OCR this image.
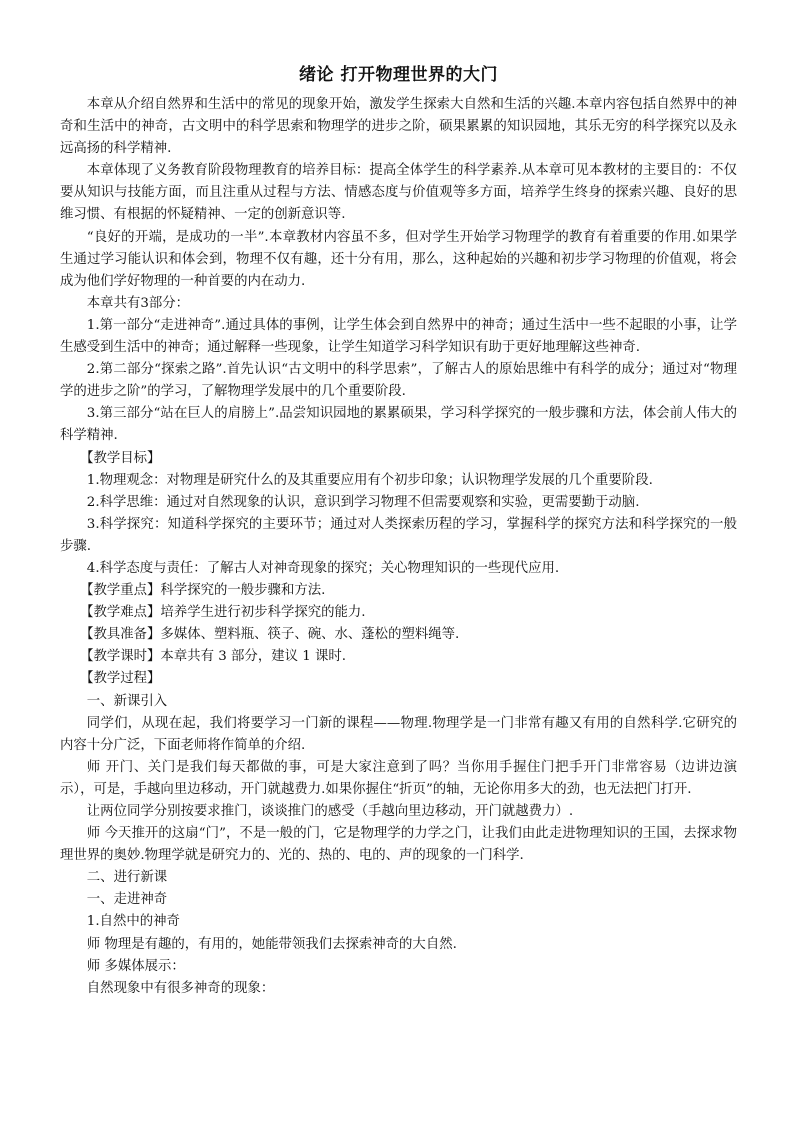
绪论 打开物理世界的大门

本章从介绍自然界和生活中的常见的现象开始，激发学生探索大自然和生活的兴趣.本章内容包括自然界中的神奇和生活中的神奇，古文明中的科学思索和物理学的进步之阶，硕果累累的知识园地，其乐无穷的科学探究以及永远高扬的科学精神.

本章体现了义务教育阶段物理教育的培养目标：提高全体学生的科学素养.从本章可见本教材的主要目的：不仅要从知识与技能方面，而且注重从过程与方法、情感态度与价值观等多方面，培养学生终身的探索兴趣、良好的思维习惯、有根据的怀疑精神、一定的创新意识等.

“良好的开端，是成功的一半”.本章教材内容虽不多，但对学生开始学习物理学的教育有着重要的作用.如果学生通过学习能认识和体会到，物理不仅有趣，还十分有用，那么，这种起始的兴趣和初步学习物理的价值观，将会成为他们学好物理的一种首要的内在动力.

本章共有3部分：

1.第一部分“走进神奇”.通过具体的事例，让学生体会到自然界中的神奇；通过生活中一些不起眼的小事，让学生感受到生活中的神奇；通过解释一些现象，让学生知道学习科学知识有助于更好地理解这些神奇.

2.第二部分“探索之路”.首先认识“古文明中的科学思索”，了解古人的原始思维中有科学的成分；通过对“物理学的进步之阶”的学习，了解物理学发展中的几个重要阶段.

3.第三部分“站在巨人的肩膀上”.品尝知识园地的累累硕果，学习科学探究的一般步骤和方法，体会前人伟大的科学精神.

【教学目标】

1.物理观念：对物理是研究什么的及其重要应用有个初步印象；认识物理学发展的几个重要阶段.

2.科学思维：通过对自然现象的认识，意识到学习物理不但需要观察和实验，更需要勤于动脑.

3.科学探究：知道科学探究的主要环节；通过对人类探索历程的学习，掌握科学的探究方法和科学探究的一般步骤.

4.科学态度与责任：了解古人对神奇现象的探究；关心物理知识的一些现代应用.

【教学重点】科学探究的一般步骤和方法.

【教学难点】培养学生进行初步科学探究的能力.

【教具准备】多媒体、塑料瓶、筷子、碗、水、蓬松的塑料绳等.

【教学课时】本章共有 3 部分，建议 1 课时.

【教学过程】

一、新课引入

同学们，从现在起，我们将要学习一门新的课程——物理.物理学是一门非常有趣又有用的自然科学.它研究的内容十分广泛，下面老师将作简单的介绍.

师 开门、关门是我们每天都做的事，可是大家注意到了吗？当你用手握住门把手开门非常容易（边讲边演示），可是，手越向里边移动，开门就越费力.如果你握住“折页”的轴，无论你用多大的劲，也无法把门打开.

让两位同学分别按要求推门，谈谈推门的感受（手越向里边移动，开门就越费力）.

师 今天推开的这扇“门”，不是一般的门，它是物理学的力学之门，让我们由此走进物理知识的王国，去探求物理世界的奥妙.物理学就是研究力的、光的、热的、电的、声的现象的一门科学.

二、进行新课

一、走进神奇

1.自然中的神奇

师 物理是有趣的，有用的，她能带领我们去探索神奇的大自然.

师 多媒体展示：

自然现象中有很多神奇的现象：
